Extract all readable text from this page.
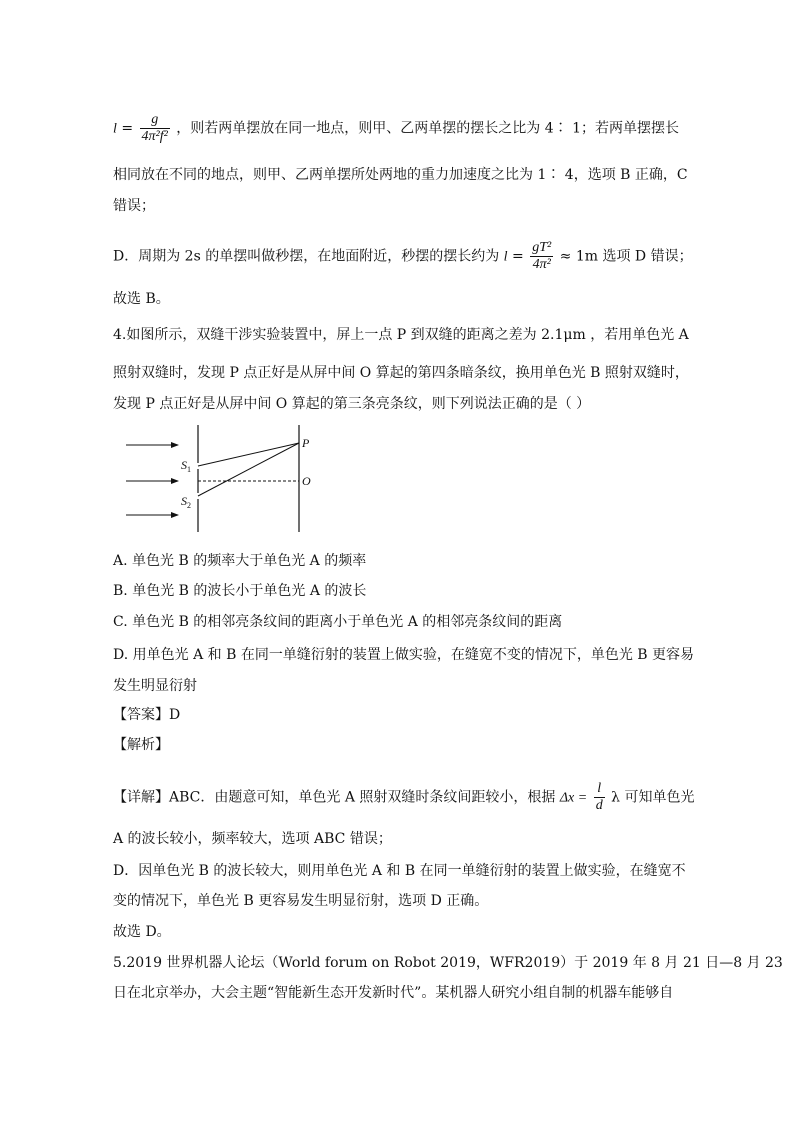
$l = \frac{g}{\text{4π²f²}}$ ，则若两单摆放在同一地点，则甲、乙两单摆的摆长之比为 4∶ 1；若两单摆摆长
相同放在不同的地点，则甲、乙两单摆所处两地的重力加速度之比为 1∶ 4，选项 B 正确，C
错误；
D．周期为 2s 的单摆叫做秒摆，在地面附近，秒摆的摆长约为 $l = \frac{\text{gT²}}{\text{4π²}} \approx 1m$ 选项 D 错误；
故选 B。
4.如图所示，双缝干涉实验装置中，屏上一点 P 到双缝的距离之差为 2.1μm ，若用单色光 A
照射双缝时，发现 P 点正好是从屏中间 O 算起的第四条暗条纹，换用单色光 B 照射双缝时，
发现 P 点正好是从屏中间 O 算起的第三条亮条纹，则下列说法正确的是（ ）
P
O
$S_1$
$S_2$
A. 单色光 B 的频率大于单色光 A 的频率
B. 单色光 B 的波长小于单色光 A 的波长
C. 单色光 B 的相邻亮条纹间的距离小于单色光 A 的相邻亮条纹间的距离
D. 用单色光 A 和 B 在同一单缝衍射的装置上做实验，在缝宽不变的情况下，单色光 B 更容易
发生明显衍射
【答案】D
【解析】
【详解】ABC．由题意可知，单色光 A 照射双缝时条纹间距较小，根据 $\Delta x = \frac{l}{d}$ λ 可知单色光
A 的波长较小，频率较大，选项 ABC 错误；
D．因单色光 B 的波长较大，则用单色光 A 和 B 在同一单缝衍射的装置上做实验，在缝宽不
变的情况下，单色光 B 更容易发生明显衍射，选项 D 正确。
故选 D。
5.2019 世界机器人论坛（World forum on Robot 2019，WFR2019）于 2019 年 8 月 21 日—8 月 23
日在北京举办，大会主题“智能新生态开发新时代”。某机器人研究小组自制的机器车能够自
